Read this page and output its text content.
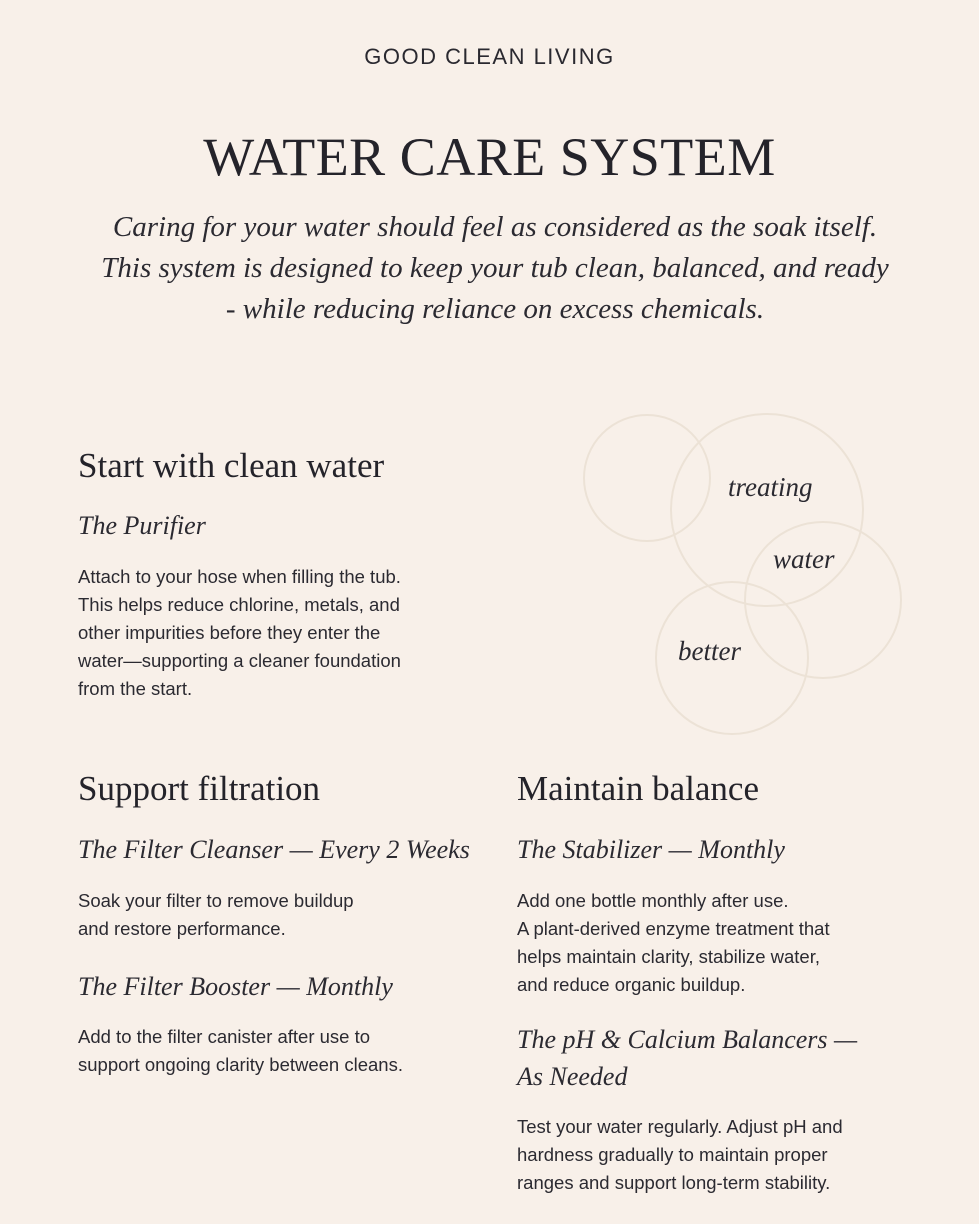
GOOD CLEAN LIVING
WATER CARE SYSTEM

Caring for your water should feel as considered as the soak itself. This system is designed to keep your tub clean, balanced, and ready - while reducing reliance on excess chemicals.

Start with clean water
The Purifier

Attach to your hose when filling the tub.
This helps reduce chlorine, metals, and
other impurities before they enter the
water—supporting a cleaner foundation
from the start.

treating
water
better
Support filtration
The Filter Cleanser — Every 2 Weeks

Soak your filter to remove buildup
and restore performance.

The Filter Booster — Monthly

Add to the filter canister after use to
support ongoing clarity between cleans.

Maintain balance
The Stabilizer — Monthly

Add one bottle monthly after use.
A plant-derived enzyme treatment that
helps maintain clarity, stabilize water,
and reduce organic buildup.

The pH & Calcium Balancers — As Needed

Test your water regularly. Adjust pH and
hardness gradually to maintain proper
ranges and support long-term stability.
